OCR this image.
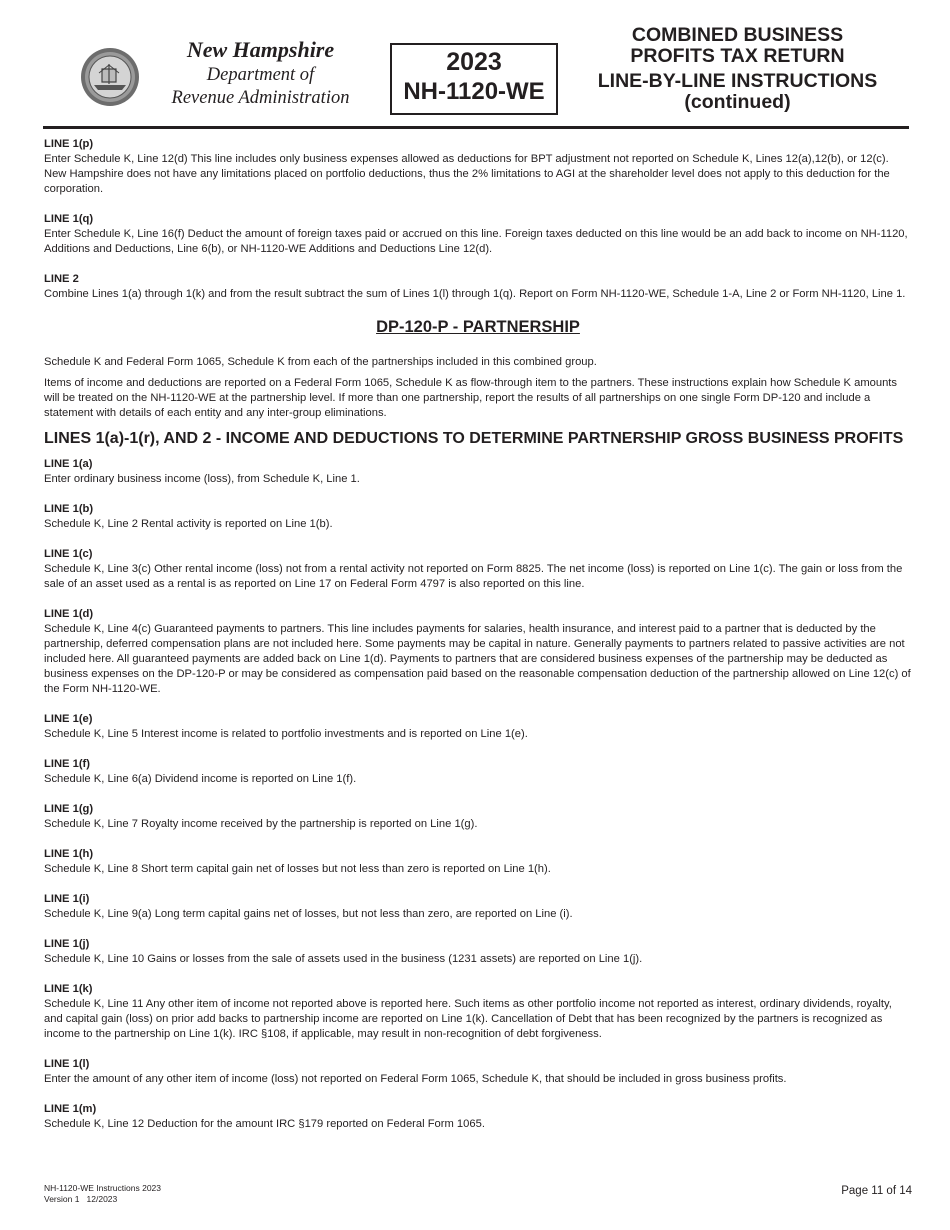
New Hampshire
Department of
Revenue Administration
2023
NH-1120-WE
COMBINED BUSINESS
PROFITS TAX RETURN
LINE-BY-LINE INSTRUCTIONS
(continued)
LINE 1(p)

Enter Schedule K, Line 12(d) This line includes only business expenses allowed as deductions for BPT adjustment not reported on Schedule K, Lines 12(a),12(b), or 12(c). New Hampshire does not have any limitations placed on portfolio deductions, thus the 2% limitations to AGI at the shareholder level does not apply to this deduction for the corporation.

LINE 1(q)

Enter Schedule K, Line 16(f) Deduct the amount of foreign taxes paid or accrued on this line. Foreign taxes deducted on this line would be an add back to income on NH-1120, Additions and Deductions, Line 6(b), or NH-1120-WE Additions and Deductions Line 12(d).

LINE 2

Combine Lines 1(a) through 1(k) and from the result subtract the sum of Lines 1(l) through 1(q). Report on Form NH-1120-WE, Schedule 1-A, Line 2 or Form NH-1120, Line 1.

DP-120-P - PARTNERSHIP

Schedule K and Federal Form 1065, Schedule K from each of the partnerships included in this combined group.

Items of income and deductions are reported on a Federal Form 1065, Schedule K as flow-through item to the partners. These instructions explain how Schedule K amounts will be treated on the NH-1120-WE at the partnership level. If more than one partnership, report the results of all partnerships on one single Form DP-120 and include a statement with details of each entity and any inter-group eliminations.

LINES 1(a)-1(r), AND 2 - INCOME AND DEDUCTIONS TO DETERMINE PARTNERSHIP GROSS BUSINESS PROFITS
LINE 1(a)

Enter ordinary business income (loss), from Schedule K, Line 1.

LINE 1(b)

Schedule K, Line 2 Rental activity is reported on Line 1(b).

LINE 1(c)

Schedule K, Line 3(c) Other rental income (loss) not from a rental activity not reported on Form 8825. The net income (loss) is reported on Line 1(c). The gain or loss from the sale of an asset used as a rental is as reported on Line 17 on Federal Form 4797 is also reported on this line.

LINE 1(d)

Schedule K, Line 4(c) Guaranteed payments to partners. This line includes payments for salaries, health insurance, and interest paid to a partner that is deducted by the partnership, deferred compensation plans are not included here. Some payments may be capital in nature. Generally payments to partners related to passive activities are not included here. All guaranteed payments are added back on Line 1(d). Payments to partners that are considered business expenses of the partnership may be deducted as business expenses on the DP-120-P or may be considered as compensation paid based on the reasonable compensation deduction of the partnership allowed on Line 12(c) of the Form NH-1120-WE.

LINE 1(e)

Schedule K, Line 5 Interest income is related to portfolio investments and is reported on Line 1(e).

LINE 1(f)

Schedule K, Line 6(a) Dividend income is reported on Line 1(f).

LINE 1(g)

Schedule K, Line 7 Royalty income received by the partnership is reported on Line 1(g).

LINE 1(h)

Schedule K, Line 8 Short term capital gain net of losses but not less than zero is reported on Line 1(h).

LINE 1(i)

Schedule K, Line 9(a) Long term capital gains net of losses, but not less than zero, are reported on Line (i).

LINE 1(j)

Schedule K, Line 10 Gains or losses from the sale of assets used in the business (1231 assets) are reported on Line 1(j).

LINE 1(k)

Schedule K, Line 11 Any other item of income not reported above is reported here. Such items as other portfolio income not reported as interest, ordinary dividends, royalty, and capital gain (loss) on prior add backs to partnership income are reported on Line 1(k). Cancellation of Debt that has been recognized by the partners is recognized as income to the partnership on Line 1(k). IRC §108, if applicable, may result in non-recognition of debt forgiveness.

LINE 1(l)

Enter the amount of any other item of income (loss) not reported on Federal Form 1065, Schedule K, that should be included in gross business profits.

LINE 1(m)

Schedule K, Line 12 Deduction for the amount IRC §179 reported on Federal Form 1065.

NH-1120-WE Instructions 2023
Version 1   12/2023
Page 11 of 14
